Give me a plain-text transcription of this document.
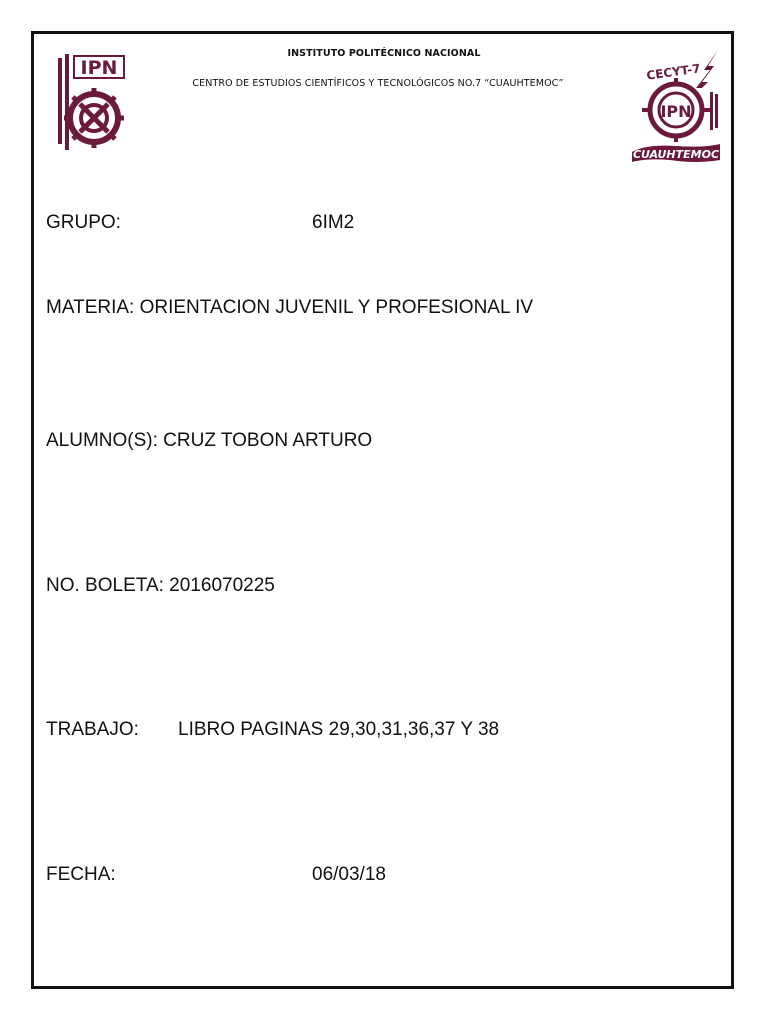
INSTITUTO POLITÉCNICO NACIONAL
CENTRO DE ESTUDIOS CIENTÍFICOS Y TECNOLÓGICOS NO.7 “CUAUHTEMOC”
IPN	CECYT-7
IPN
CUAUHTEMOC
GRUPO:	6IM2
MATERIA: ORIENTACION JUVENIL Y PROFESIONAL IV
ALUMNO(S): CRUZ TOBON ARTURO
NO. BOLETA: 2016070225
TRABAJO: LIBRO PAGINAS 29,30,31,36,37 Y 38
FECHA:	06/03/18
